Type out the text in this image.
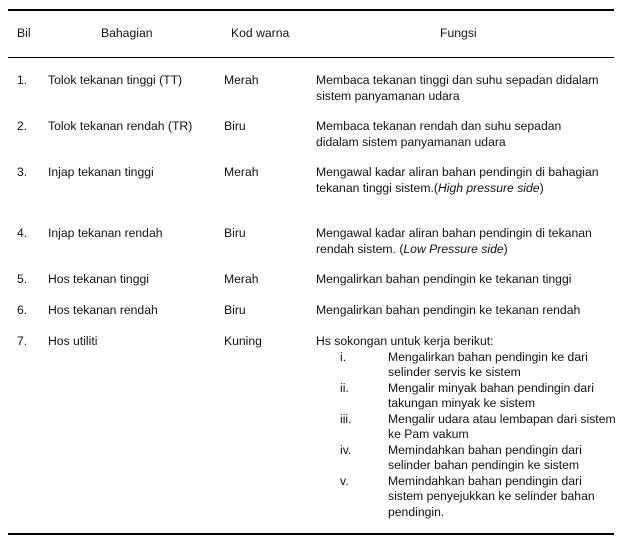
Bil	Bahagian	Kod warna	Fungsi
1. Tolok tekanan tinggi (TT)	Merah	Membaca tekanan tinggi dan suhu sepadan didalam sistem panyamanan udara
2. Tolok tekanan rendah (TR)	Biru	Membaca tekanan rendah dan suhu sepadan didalam sistem panyamanan udara
3. Injap tekanan tinggi	Merah	Mengawal kadar aliran bahan pendingin di bahagian tekanan tinggi sistem.(High pressure side)
4. Injap tekanan rendah	Biru	Mengawal kadar aliran bahan pendingin di tekanan rendah sistem. (Low Pressure side)
5. Hos tekanan tinggi	Merah	Mengalirkan bahan pendingin ke tekanan tinggi
6. Hos tekanan rendah	Biru	Mengalirkan bahan pendingin ke tekanan rendah
7. Hos utiliti	Kuning	Hs sokongan untuk kerja berikut:
i.	Mengalirkan bahan pendingin ke dari selinder servis ke sistem
ii.	Mengalir minyak bahan pendingin dari takungan minyak ke sistem
iii.	Mengalir udara atau lembapan dari sistem ke Pam vakum
iv.	Memindahkan bahan pendingin dari selinder bahan pendingin ke sistem
v.	Memindahkan bahan pendingin dari sistem penyejukkan ke selinder bahan pendingin.
